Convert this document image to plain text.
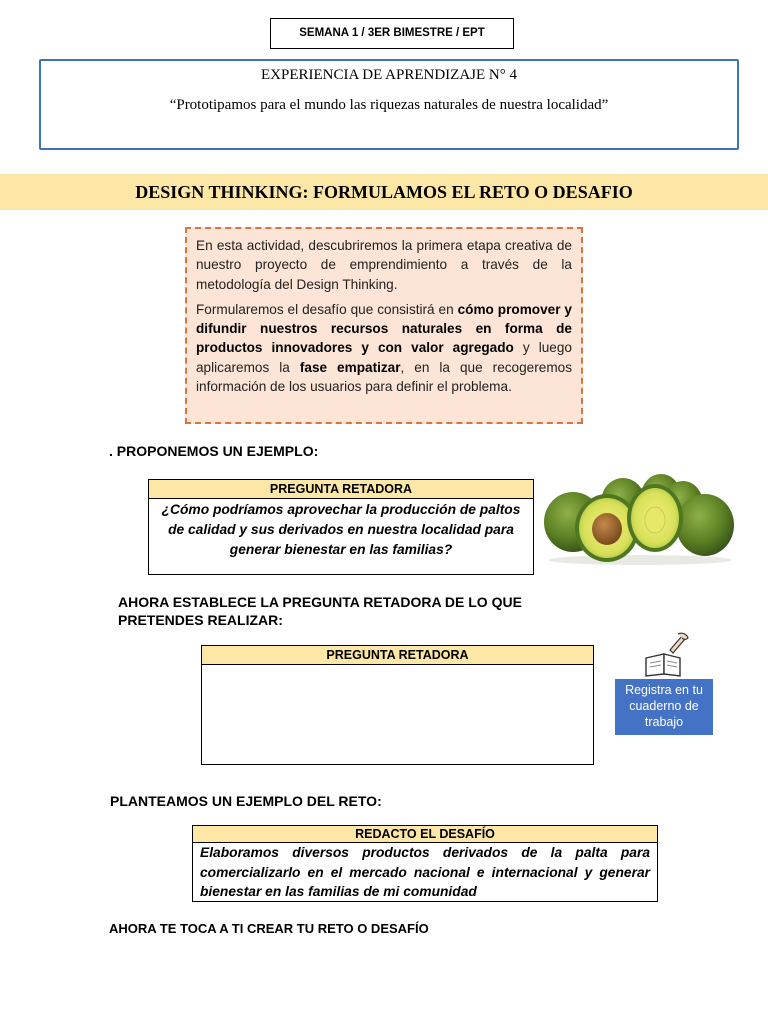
SEMANA 1 / 3ER BIMESTRE / EPT
EXPERIENCIA DE APRENDIZAJE N° 4
“Prototipamos para el mundo las riquezas naturales de nuestra localidad”
DESIGN THINKING: FORMULAMOS EL RETO O DESAFIO

En esta actividad, descubriremos la primera etapa creativa de nuestro proyecto de emprendimiento a través de la metodología del Design Thinking.

Formularemos el desafío que consistirá en cómo promover y difundir nuestros recursos naturales en forma de productos innovadores y con valor agregado y luego aplicaremos la fase empatizar, en la que recogeremos información de los usuarios para definir el problema.

. PROPONEMOS UN EJEMPLO:
PREGUNTA RETADORA
¿Cómo podríamos aprovechar la producción de paltos de calidad y sus derivados en nuestra localidad para generar bienestar en las familias?
AHORA ESTABLECE LA PREGUNTA RETADORA DE LO QUE PRETENDES REALIZAR:
PREGUNTA RETADORA
Registra en tu cuaderno de trabajo
PLANTEAMOS UN EJEMPLO DEL RETO:
REDACTO EL DESAFÍO
Elaboramos diversos productos derivados de la palta para comercializarlo en el mercado nacional e internacional y generar bienestar en las familias de mi comunidad
AHORA TE TOCA A TI CREAR TU RETO O DESAFÍO
